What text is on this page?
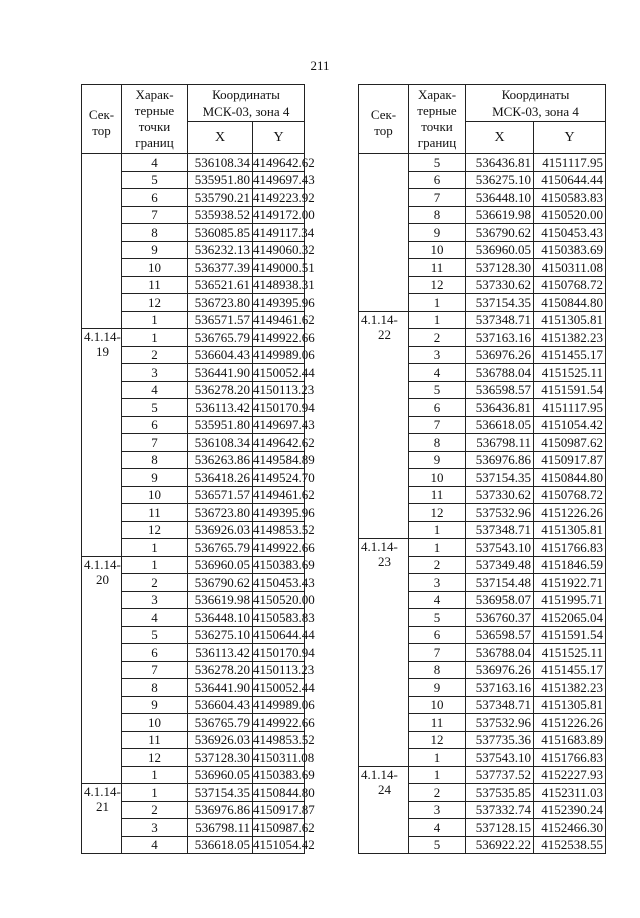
211
Сек-
тор	Харак-
терные
точки
границ	Координаты
МСК-03, зона 4	
		X	Y

	4	536108.34	4149642.62
	5	535951.80	4149697.43
	6	535790.21	4149223.92
	7	535938.52	4149172.00
	8	536085.85	4149117.34
	9	536232.13	4149060.32
	10	536377.39	4149000.51
	11	536521.61	4148938.31
	12	536723.80	4149395.96
	1	536571.57	4149461.62
4.1.14-
19	1	536765.79	4149922.66
	2	536604.43	4149989.06
	3	536441.90	4150052.44
	4	536278.20	4150113.23
	5	536113.42	4150170.94
	6	535951.80	4149697.43
	7	536108.34	4149642.62
	8	536263.86	4149584.89
	9	536418.26	4149524.70
	10	536571.57	4149461.62
	11	536723.80	4149395.96
	12	536926.03	4149853.52
	1	536765.79	4149922.66
4.1.14-
20	1	536960.05	4150383.69
	2	536790.62	4150453.43
	3	536619.98	4150520.00
	4	536448.10	4150583.83
	5	536275.10	4150644.44
	6	536113.42	4150170.94
	7	536278.20	4150113.23
	8	536441.90	4150052.44
	9	536604.43	4149989.06
	10	536765.79	4149922.66
	11	536926.03	4149853.52
	12	537128.30	4150311.08
	1	536960.05	4150383.69
4.1.14-
21	1	537154.35	4150844.80
	2	536976.86	4150917.87
	3	536798.11	4150987.62
	4	536618.05	4151054.42
Сек-
тор	Харак-
терные
точки
границ	Координаты
МСК-03, зона 4	
		X	Y

	5	536436.81	4151117.95
	6	536275.10	4150644.44
	7	536448.10	4150583.83
	8	536619.98	4150520.00
	9	536790.62	4150453.43
	10	536960.05	4150383.69
	11	537128.30	4150311.08
	12	537330.62	4150768.72
	1	537154.35	4150844.80
4.1.14-
22	1	537348.71	4151305.81
	2	537163.16	4151382.23
	3	536976.26	4151455.17
	4	536788.04	4151525.11
	5	536598.57	4151591.54
	6	536436.81	4151117.95
	7	536618.05	4151054.42
	8	536798.11	4150987.62
	9	536976.86	4150917.87
	10	537154.35	4150844.80
	11	537330.62	4150768.72
	12	537532.96	4151226.26
	1	537348.71	4151305.81
4.1.14-
23	1	537543.10	4151766.83
	2	537349.48	4151846.59
	3	537154.48	4151922.71
	4	536958.07	4151995.71
	5	536760.37	4152065.04
	6	536598.57	4151591.54
	7	536788.04	4151525.11
	8	536976.26	4151455.17
	9	537163.16	4151382.23
	10	537348.71	4151305.81
	11	537532.96	4151226.26
	12	537735.36	4151683.89
	1	537543.10	4151766.83
4.1.14-
24	1	537737.52	4152227.93
	2	537535.85	4152311.03
	3	537332.74	4152390.24
	4	537128.15	4152466.30
	5	536922.22	4152538.55
